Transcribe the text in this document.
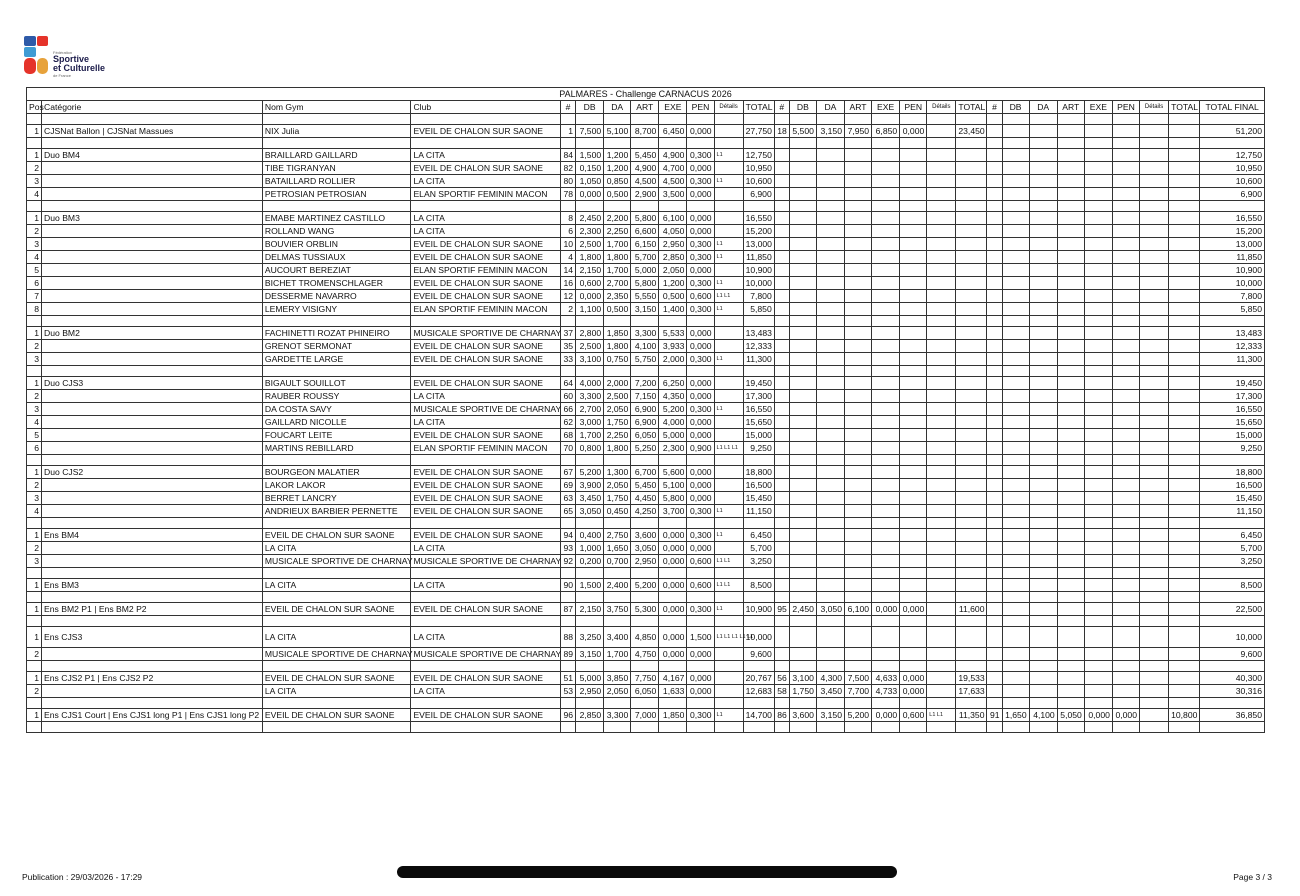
Fédération
Sportive
et Culturelle
de France
PALMARES - Challenge CARNACUS 2026																												
Pos	Catégorie	Nom Gym	Club	#	DB	DA	ART	EXE	PEN	Détails	TOTAL	#	DB	DA	ART	EXE	PEN	Détails	TOTAL	#	DB	DA	ART	EXE	PEN	Détails	TOTAL	TOTAL FINAL

1	CJSNat Ballon | CJSNat Massues	NIX Julia	EVEIL DE CHALON SUR SAONE	1	7,500	5,100	8,700	6,450	0,000		27,750	18	5,500	3,150	7,950	6,850	0,000		23,450									51,200

1	Duo BM4	BRAILLARD GAILLARD	LA CITA	84	1,500	1,200	5,450	4,900	0,300	L1	12,750																	12,750
2		TIBE TIGRANYAN	EVEIL DE CHALON SUR SAONE	82	0,150	1,200	4,900	4,700	0,000		10,950																	10,950
3		BATAILLARD ROLLIER	LA CITA	80	1,050	0,850	4,500	4,500	0,300	L1	10,600																	10,600
4		PETROSIAN PETROSIAN	ELAN SPORTIF FEMININ MACON	78	0,000	0,500	2,900	3,500	0,000		6,900																	6,900

1	Duo BM3	EMABE MARTINEZ CASTILLO	LA CITA	8	2,450	2,200	5,800	6,100	0,000		16,550																	16,550
2		ROLLAND WANG	LA CITA	6	2,300	2,250	6,600	4,050	0,000		15,200																	15,200
3		BOUVIER ORBLIN	EVEIL DE CHALON SUR SAONE	10	2,500	1,700	6,150	2,950	0,300	L1	13,000																	13,000
4		DELMAS TUSSIAUX	EVEIL DE CHALON SUR SAONE	4	1,800	1,800	5,700	2,850	0,300	L1	11,850																	11,850
5		AUCOURT BEREZIAT	ELAN SPORTIF FEMININ MACON	14	2,150	1,700	5,000	2,050	0,000		10,900																	10,900
6		BICHET TROMENSCHLAGER	EVEIL DE CHALON SUR SAONE	16	0,600	2,700	5,800	1,200	0,300	L1	10,000																	10,000
7		DESSERME NAVARRO	EVEIL DE CHALON SUR SAONE	12	0,000	2,350	5,550	0,500	0,600	L1 L1	7,800																	7,800
8		LEMERY VISIGNY	ELAN SPORTIF FEMININ MACON	2	1,100	0,500	3,150	1,400	0,300	L1	5,850																	5,850

1	Duo BM2	FACHINETTI ROZAT PHINEIRO	MUSICALE SPORTIVE DE CHARNAY	37	2,800	1,850	3,300	5,533	0,000		13,483																	13,483
2		GRENOT SERMONAT	EVEIL DE CHALON SUR SAONE	35	2,500	1,800	4,100	3,933	0,000		12,333																	12,333
3		GARDETTE LARGE	EVEIL DE CHALON SUR SAONE	33	3,100	0,750	5,750	2,000	0,300	L1	11,300																	11,300

1	Duo CJS3	BIGAULT SOUILLOT	EVEIL DE CHALON SUR SAONE	64	4,000	2,000	7,200	6,250	0,000		19,450																	19,450
2		RAUBER ROUSSY	LA CITA	60	3,300	2,500	7,150	4,350	0,000		17,300																	17,300
3		DA COSTA SAVY	MUSICALE SPORTIVE DE CHARNAY	66	2,700	2,050	6,900	5,200	0,300	L1	16,550																	16,550
4		GAILLARD NICOLLE	LA CITA	62	3,000	1,750	6,900	4,000	0,000		15,650																	15,650
5		FOUCART LEITE	EVEIL DE CHALON SUR SAONE	68	1,700	2,250	6,050	5,000	0,000		15,000																	15,000
6		MARTINS REBILLARD	ELAN SPORTIF FEMININ MACON	70	0,800	1,800	5,250	2,300	0,900	L1 L1 L1	9,250																	9,250

1	Duo CJS2	BOURGEON MALATIER	EVEIL DE CHALON SUR SAONE	67	5,200	1,300	6,700	5,600	0,000		18,800																	18,800
2		LAKOR LAKOR	EVEIL DE CHALON SUR SAONE	69	3,900	2,050	5,450	5,100	0,000		16,500																	16,500
3		BERRET LANCRY	EVEIL DE CHALON SUR SAONE	63	3,450	1,750	4,450	5,800	0,000		15,450																	15,450
4		ANDRIEUX BARBIER PERNETTE	EVEIL DE CHALON SUR SAONE	65	3,050	0,450	4,250	3,700	0,300	L1	11,150																	11,150

1	Ens BM4	EVEIL DE CHALON SUR SAONE	EVEIL DE CHALON SUR SAONE	94	0,400	2,750	3,600	0,000	0,300	L1	6,450																	6,450
2		LA CITA	LA CITA	93	1,000	1,650	3,050	0,000	0,000		5,700																	5,700
3		MUSICALE SPORTIVE DE CHARNAY	MUSICALE SPORTIVE DE CHARNAY	92	0,200	0,700	2,950	0,000	0,600	L1 L1	3,250																	3,250

1	Ens BM3	LA CITA	LA CITA	90	1,500	2,400	5,200	0,000	0,600	L1 L1	8,500																	8,500

1	Ens BM2 P1 | Ens BM2 P2	EVEIL DE CHALON SUR SAONE	EVEIL DE CHALON SUR SAONE	87	2,150	3,750	5,300	0,000	0,300	L1	10,900	95	2,450	3,050	6,100	0,000	0,000		11,600									22,500

1	Ens CJS3	LA CITA	LA CITA	88	3,250	3,400	4,850	0,000	1,500	L1 L1 L1 L1 L1	10,000																	10,000
2		MUSICALE SPORTIVE DE CHARNAY	MUSICALE SPORTIVE DE CHARNAY	89	3,150	1,700	4,750	0,000	0,000		9,600																	9,600

1	Ens CJS2 P1 | Ens CJS2 P2	EVEIL DE CHALON SUR SAONE	EVEIL DE CHALON SUR SAONE	51	5,000	3,850	7,750	4,167	0,000		20,767	56	3,100	4,300	7,500	4,633	0,000		19,533									40,300
2		LA CITA	LA CITA	53	2,950	2,050	6,050	1,633	0,000		12,683	58	1,750	3,450	7,700	4,733	0,000		17,633									30,316

1	Ens CJS1 Court | Ens CJS1 long P1 | Ens CJS1 long P2	EVEIL DE CHALON SUR SAONE	EVEIL DE CHALON SUR SAONE	96	2,850	3,300	7,000	1,850	0,300	L1	14,700	86	3,600	3,150	5,200	0,000	0,600	L1 L1	11,350	91	1,650	4,100	5,050	0,000	0,000		10,800	36,850

Publication : 29/03/2026 - 17:29	Page 3 / 3
